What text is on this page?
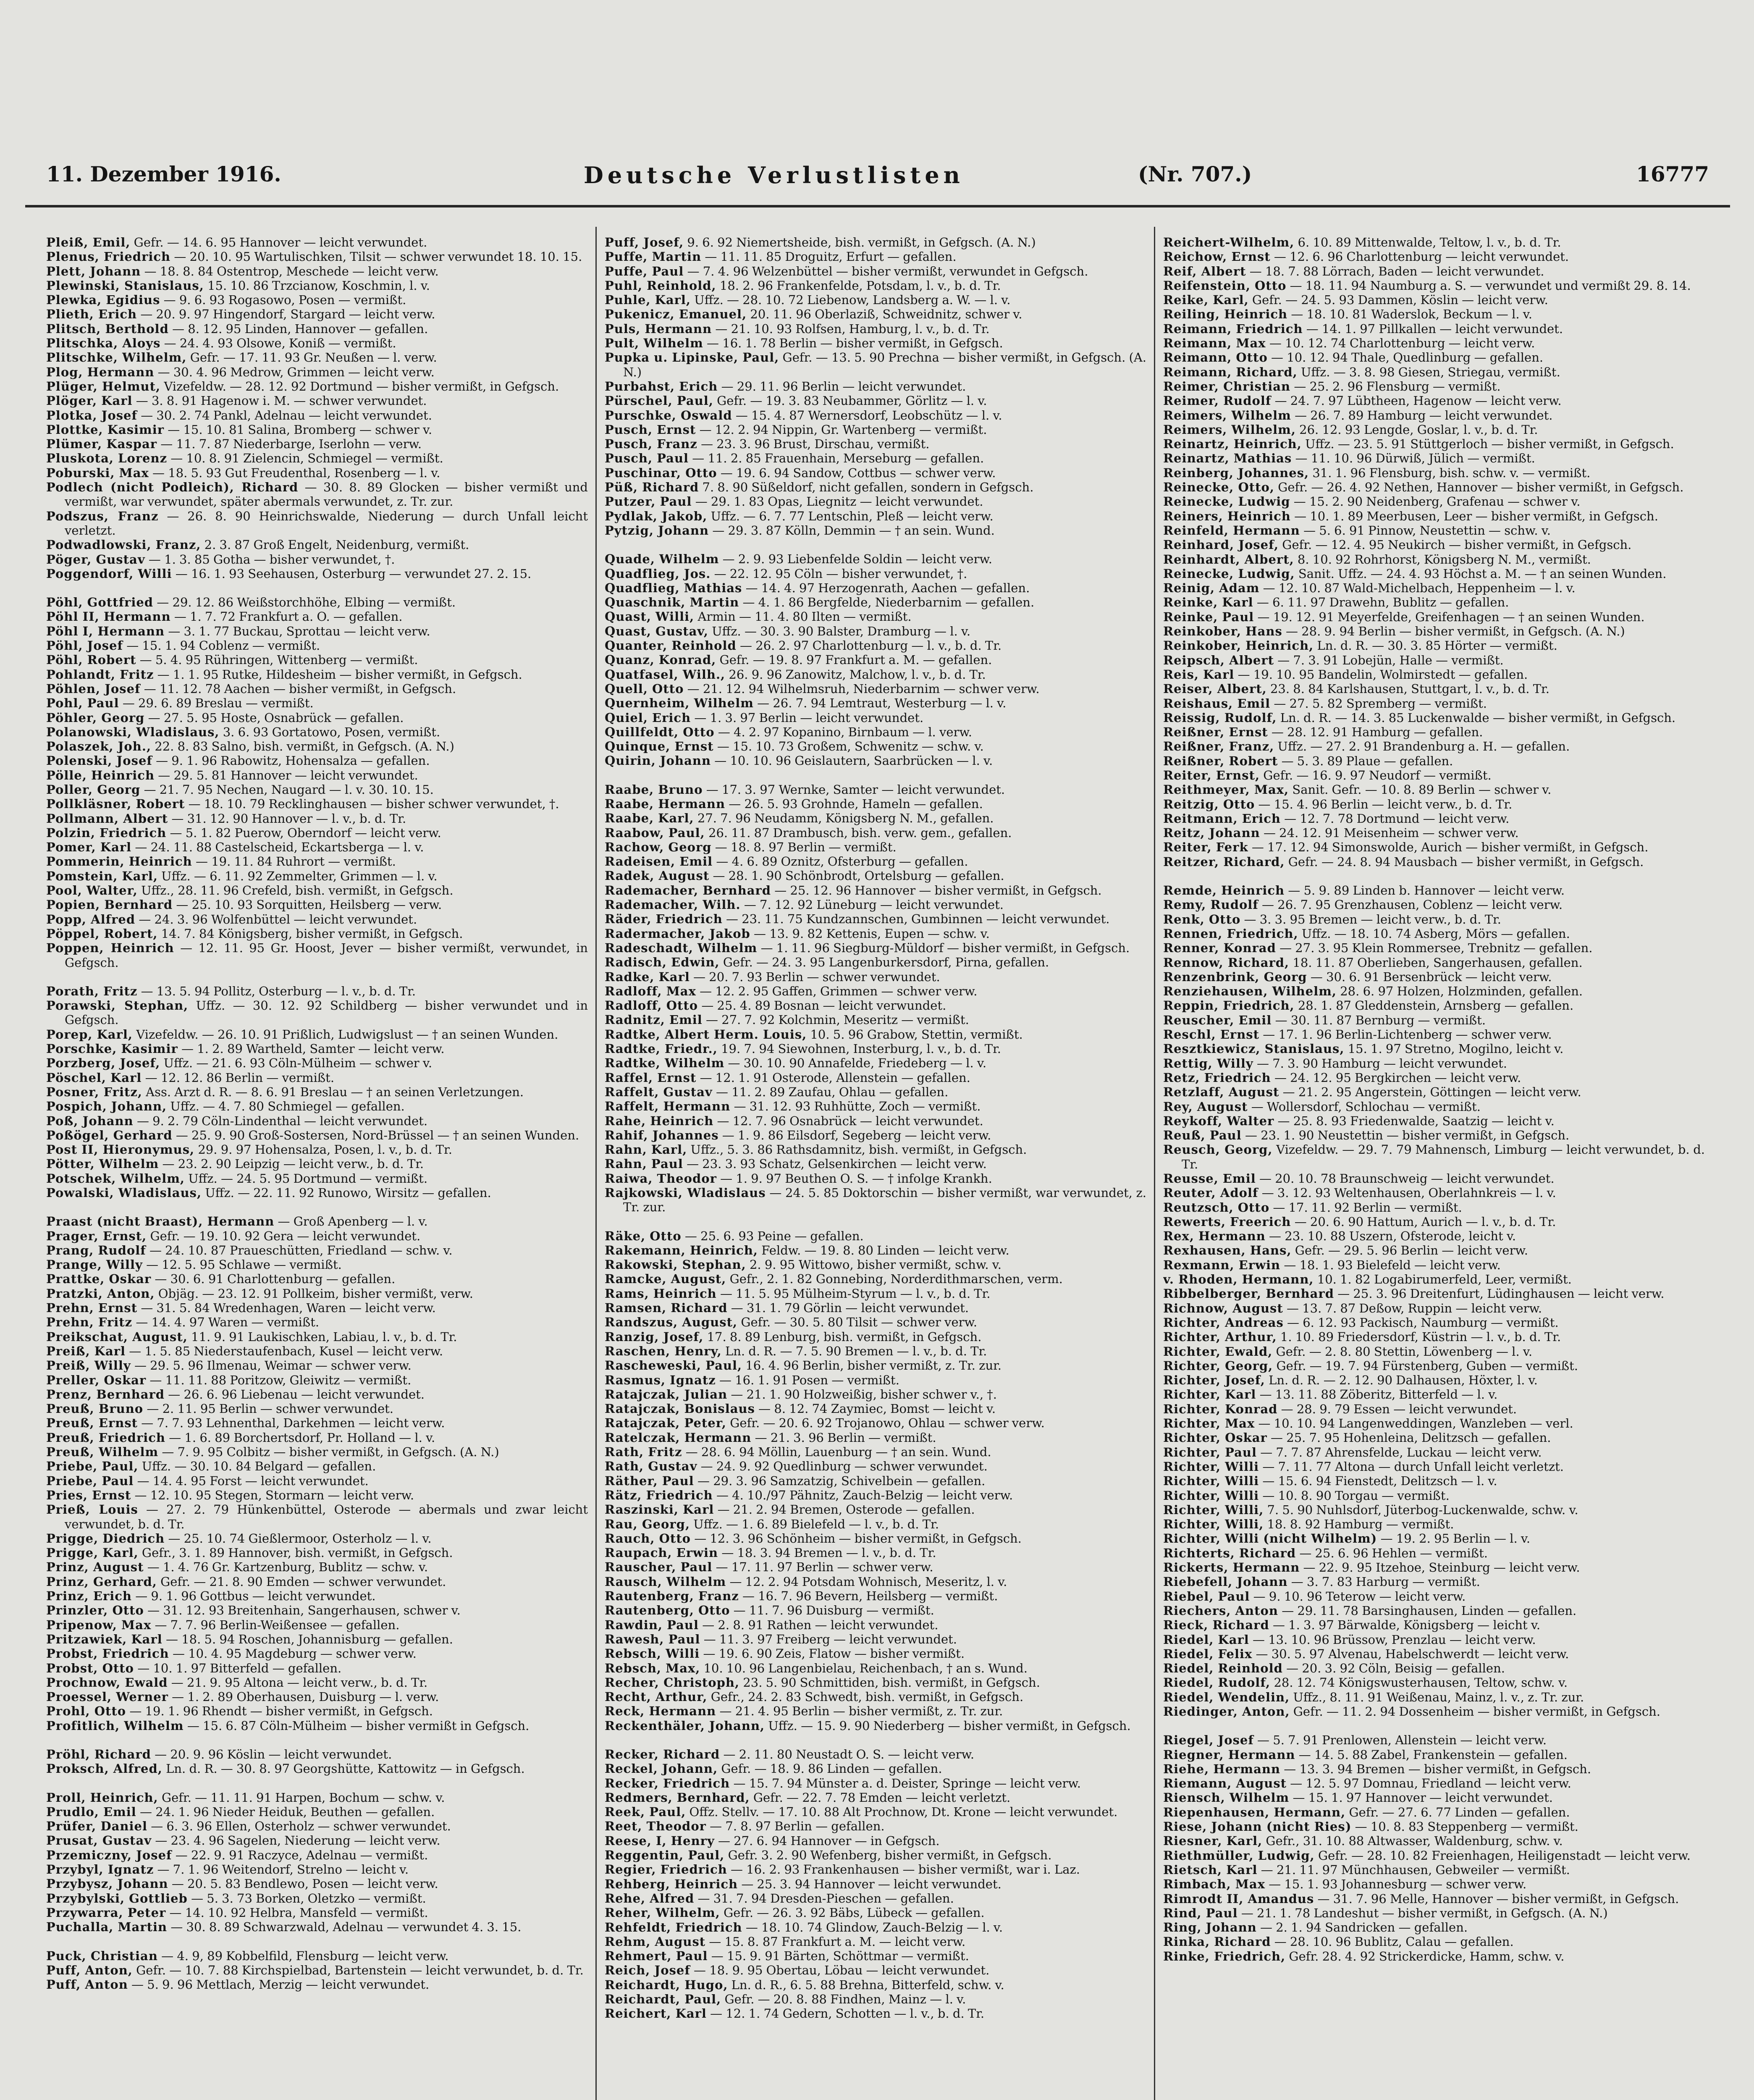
11. Dezember 1916.	Deutsche Verlustlisten	(Nr. 707.)	16777

Pleiß, Emil, Gefr. — 14. 6. 95 Hannover — leicht verwundet.

Plenus, Friedrich — 20. 10. 95 Wartulischken, Tilsit — schwer verwundet 18. 10. 15.

Plett, Johann — 18. 8. 84 Ostentrop, Meschede — leicht verw.

Plewinski, Stanislaus, 15. 10. 86 Trzcianow, Koschmin, l. v.

Plewka, Egidius — 9. 6. 93 Rogasowo, Posen — vermißt.

Plieth, Erich — 20. 9. 97 Hingendorf, Stargard — leicht verw.

Plitsch, Berthold — 8. 12. 95 Linden, Hannover — gefallen.

Plitschka, Aloys — 24. 4. 93 Olsowe, Koniß — vermißt.

Plitschke, Wilhelm, Gefr. — 17. 11. 93 Gr. Neußen — l. verw.

Plog, Hermann — 30. 4. 96 Medrow, Grimmen — leicht verw.

Plüger, Helmut, Vizefeldw. — 28. 12. 92 Dortmund — bisher vermißt, in Gefgsch.

Plöger, Karl — 3. 8. 91 Hagenow i. M. — schwer verwundet.

Plotka, Josef — 30. 2. 74 Pankl, Adelnau — leicht verwundet.

Plottke, Kasimir — 15. 10. 81 Salina, Bromberg — schwer v.

Plümer, Kaspar — 11. 7. 87 Niederbarge, Iserlohn — verw.

Pluskota, Lorenz — 10. 8. 91 Zielencin, Schmiegel — vermißt.

Poburski, Max — 18. 5. 93 Gut Freudenthal, Rosenberg — l. v.

Podlech (nicht Podleich), Richard — 30. 8. 89 Glocken — bisher vermißt und vermißt, war verwundet, später abermals verwundet, z. Tr. zur.

Podszus, Franz — 26. 8. 90 Heinrichswalde, Niederung — durch Unfall leicht verletzt.

Podwadlowski, Franz, 2. 3. 87 Groß Engelt, Neidenburg, vermißt.

Pöger, Gustav — 1. 3. 85 Gotha — bisher verwundet, †.

Poggendorf, Willi — 16. 1. 93 Seehausen, Osterburg — verwundet 27. 2. 15.

Pöhl, Gottfried — 29. 12. 86 Weißstorchhöhe, Elbing — vermißt.

Pöhl II, Hermann — 1. 7. 72 Frankfurt a. O. — gefallen.

Pöhl I, Hermann — 3. 1. 77 Buckau, Sprottau — leicht verw.

Pöhl, Josef — 15. 1. 94 Coblenz — vermißt.

Pöhl, Robert — 5. 4. 95 Rühringen, Wittenberg — vermißt.

Pohlandt, Fritz — 1. 1. 95 Rutke, Hildesheim — bisher vermißt, in Gefgsch.

Pöhlen, Josef — 11. 12. 78 Aachen — bisher vermißt, in Gefgsch.

Pohl, Paul — 29. 6. 89 Breslau — vermißt.

Pöhler, Georg — 27. 5. 95 Hoste, Osnabrück — gefallen.

Polanowski, Wladislaus, 3. 6. 93 Gortatowo, Posen, vermißt.

Polaszek, Joh., 22. 8. 83 Salno, bish. vermißt, in Gefgsch. (A. N.)

Polenski, Josef — 9. 1. 96 Rabowitz, Hohensalza — gefallen.

Pölle, Heinrich — 29. 5. 81 Hannover — leicht verwundet.

Poller, Georg — 21. 7. 95 Nechen, Naugard — l. v. 30. 10. 15.

Pollkläsner, Robert — 18. 10. 79 Recklinghausen — bisher schwer verwundet, †.

Pollmann, Albert — 31. 12. 90 Hannover — l. v., b. d. Tr.

Polzin, Friedrich — 5. 1. 82 Puerow, Oberndorf — leicht verw.

Pomer, Karl — 24. 11. 88 Castelscheid, Eckartsberga — l. v.

Pommerin, Heinrich — 19. 11. 84 Ruhrort — vermißt.

Pomstein, Karl, Uffz. — 6. 11. 92 Zemmelter, Grimmen — l. v.

Pool, Walter, Uffz., 28. 11. 96 Crefeld, bish. vermißt, in Gefgsch.

Popien, Bernhard — 25. 10. 93 Sorquitten, Heilsberg — verw.

Popp, Alfred — 24. 3. 96 Wolfenbüttel — leicht verwundet.

Pöppel, Robert, 14. 7. 84 Königsberg, bisher vermißt, in Gefgsch.

Poppen, Heinrich — 12. 11. 95 Gr. Hoost, Jever — bisher vermißt, verwundet, in Gefgsch.

Porath, Fritz — 13. 5. 94 Pollitz, Osterburg — l. v., b. d. Tr.

Porawski, Stephan, Uffz. — 30. 12. 92 Schildberg — bisher verwundet und in Gefgsch.

Porep, Karl, Vizefeldw. — 26. 10. 91 Prißlich, Ludwigslust — † an seinen Wunden.

Porschke, Kasimir — 1. 2. 89 Wartheld, Samter — leicht verw.

Porzberg, Josef, Uffz. — 21. 6. 93 Cöln-Mülheim — schwer v.

Pöschel, Karl — 12. 12. 86 Berlin — vermißt.

Posner, Fritz, Ass. Arzt d. R. — 8. 6. 91 Breslau — † an seinen Verletzungen.

Pospich, Johann, Uffz. — 4. 7. 80 Schmiegel — gefallen.

Poß, Johann — 9. 2. 79 Cöln-Lindenthal — leicht verwundet.

Poßögel, Gerhard — 25. 9. 90 Groß-Sostersen, Nord-Brüssel — † an seinen Wunden.

Post II, Hieronymus, 29. 9. 97 Hohensalza, Posen, l. v., b. d. Tr.

Pötter, Wilhelm — 23. 2. 90 Leipzig — leicht verw., b. d. Tr.

Potschek, Wilhelm, Uffz. — 24. 5. 95 Dortmund — vermißt.

Powalski, Wladislaus, Uffz. — 22. 11. 92 Runowo, Wirsitz — gefallen.

Praast (nicht Braast), Hermann — Groß Apenberg — l. v.

Prager, Ernst, Gefr. — 19. 10. 92 Gera — leicht verwundet.

Prang, Rudolf — 24. 10. 87 Praueschütten, Friedland — schw. v.

Prange, Willy — 12. 5. 95 Schlawe — vermißt.

Prattke, Oskar — 30. 6. 91 Charlottenburg — gefallen.

Pratzki, Anton, Objäg. — 23. 12. 91 Pollkeim, bisher vermißt, verw.

Prehn, Ernst — 31. 5. 84 Wredenhagen, Waren — leicht verw.

Prehn, Fritz — 14. 4. 97 Waren — vermißt.

Preikschat, August, 11. 9. 91 Laukischken, Labiau, l. v., b. d. Tr.

Preiß, Karl — 1. 5. 85 Niederstaufenbach, Kusel — leicht verw.

Preiß, Willy — 29. 5. 96 Ilmenau, Weimar — schwer verw.

Preller, Oskar — 11. 11. 88 Poritzow, Gleiwitz — vermißt.

Prenz, Bernhard — 26. 6. 96 Liebenau — leicht verwundet.

Preuß, Bruno — 2. 11. 95 Berlin — schwer verwundet.

Preuß, Ernst — 7. 7. 93 Lehnenthal, Darkehmen — leicht verw.

Preuß, Friedrich — 1. 6. 89 Borchertsdorf, Pr. Holland — l. v.

Preuß, Wilhelm — 7. 9. 95 Colbitz — bisher vermißt, in Gefgsch. (A. N.)

Priebe, Paul, Uffz. — 30. 10. 84 Belgard — gefallen.

Priebe, Paul — 14. 4. 95 Forst — leicht verwundet.

Pries, Ernst — 12. 10. 95 Stegen, Stormarn — leicht verw.

Prieß, Louis — 27. 2. 79 Hünkenbüttel, Osterode — abermals und zwar leicht verwundet, b. d. Tr.

Prigge, Diedrich — 25. 10. 74 Gießlermoor, Osterholz — l. v.

Prigge, Karl, Gefr., 3. 1. 89 Hannover, bish. vermißt, in Gefgsch.

Prinz, August — 1. 4. 76 Gr. Kartzenburg, Bublitz — schw. v.

Prinz, Gerhard, Gefr. — 21. 8. 90 Emden — schwer verwundet.

Prinz, Erich — 9. 1. 96 Gottbus — leicht verwundet.

Prinzler, Otto — 31. 12. 93 Breitenhain, Sangerhausen, schwer v.

Pripenow, Max — 7. 7. 96 Berlin-Weißensee — gefallen.

Pritzawiek, Karl — 18. 5. 94 Roschen, Johannisburg — gefallen.

Probst, Friedrich — 10. 4. 95 Magdeburg — schwer verw.

Probst, Otto — 10. 1. 97 Bitterfeld — gefallen.

Prochnow, Ewald — 21. 9. 95 Altona — leicht verw., b. d. Tr.

Proessel, Werner — 1. 2. 89 Oberhausen, Duisburg — l. verw.

Prohl, Otto — 19. 1. 96 Rhendt — bisher vermißt, in Gefgsch.

Profitlich, Wilhelm — 15. 6. 87 Cöln-Mülheim — bisher vermißt in Gefgsch.

Pröhl, Richard — 20. 9. 96 Köslin — leicht verwundet.

Proksch, Alfred, Ln. d. R. — 30. 8. 97 Georgshütte, Kattowitz — in Gefgsch.

Proll, Heinrich, Gefr. — 11. 11. 91 Harpen, Bochum — schw. v.

Prudlo, Emil — 24. 1. 96 Nieder Heiduk, Beuthen — gefallen.

Prüfer, Daniel — 6. 3. 96 Ellen, Osterholz — schwer verwundet.

Prusat, Gustav — 23. 4. 96 Sagelen, Niederung — leicht verw.

Przemiczny, Josef — 22. 9. 91 Raczyce, Adelnau — vermißt.

Przybyl, Ignatz — 7. 1. 96 Weitendorf, Strelno — leicht v.

Przybysz, Johann — 20. 5. 83 Bendlewo, Posen — leicht verw.

Przybylski, Gottlieb — 5. 3. 73 Borken, Oletzko — vermißt.

Przywarra, Peter — 14. 10. 92 Helbra, Mansfeld — vermißt.

Puchalla, Martin — 30. 8. 89 Schwarzwald, Adelnau — verwundet 4. 3. 15.

Puck, Christian — 4. 9, 89 Kobbelfild, Flensburg — leicht verw.

Puff, Anton, Gefr. — 10. 7. 88 Kirchspielbad, Bartenstein — leicht verwundet, b. d. Tr.

Puff, Anton — 5. 9. 96 Mettlach, Merzig — leicht verwundet.

Puff, Josef, 9. 6. 92 Niemertsheide, bish. vermißt, in Gefgsch. (A. N.)

Puffe, Martin — 11. 11. 85 Droguitz, Erfurt — gefallen.

Puffe, Paul — 7. 4. 96 Welzenbüttel — bisher vermißt, verwundet in Gefgsch.

Puhl, Reinhold, 18. 2. 96 Frankenfelde, Potsdam, l. v., b. d. Tr.

Puhle, Karl, Uffz. — 28. 10. 72 Liebenow, Landsberg a. W. — l. v.

Pukenicz, Emanuel, 20. 11. 96 Oberlaziß, Schweidnitz, schwer v.

Puls, Hermann — 21. 10. 93 Rolfsen, Hamburg, l. v., b. d. Tr.

Pult, Wilhelm — 16. 1. 78 Berlin — bisher vermißt, in Gefgsch.

Pupka u. Lipinske, Paul, Gefr. — 13. 5. 90 Prechna — bisher vermißt, in Gefgsch. (A. N.)

Purbahst, Erich — 29. 11. 96 Berlin — leicht verwundet.

Pürschel, Paul, Gefr. — 19. 3. 83 Neubammer, Görlitz — l. v.

Purschke, Oswald — 15. 4. 87 Wernersdorf, Leobschütz — l. v.

Pusch, Ernst — 12. 2. 94 Nippin, Gr. Wartenberg — vermißt.

Pusch, Franz — 23. 3. 96 Brust, Dirschau, vermißt.

Pusch, Paul — 11. 2. 85 Frauenhain, Merseburg — gefallen.

Puschinar, Otto — 19. 6. 94 Sandow, Cottbus — schwer verw.

Püß, Richard 7. 8. 90 Süßeldorf, nicht gefallen, sondern in Gefgsch.

Putzer, Paul — 29. 1. 83 Opas, Liegnitz — leicht verwundet.

Pydlak, Jakob, Uffz. — 6. 7. 77 Lentschin, Pleß — leicht verw.

Pytzig, Johann — 29. 3. 87 Kölln, Demmin — † an sein. Wund.

Quade, Wilhelm — 2. 9. 93 Liebenfelde Soldin — leicht verw.

Quadflieg, Jos. — 22. 12. 95 Cöln — bisher verwundet, †.

Quadflieg, Mathias — 14. 4. 97 Herzogenrath, Aachen — gefallen.

Quaschnik, Martin — 4. 1. 86 Bergfelde, Niederbarnim — gefallen.

Quast, Willi, Armin — 11. 4. 80 Ilten — vermißt.

Quast, Gustav, Uffz. — 30. 3. 90 Balster, Dramburg — l. v.

Quanter, Reinhold — 26. 2. 97 Charlottenburg — l. v., b. d. Tr.

Quanz, Konrad, Gefr. — 19. 8. 97 Frankfurt a. M. — gefallen.

Quatfasel, Wilh., 26. 9. 96 Zanowitz, Malchow, l. v., b. d. Tr.

Quell, Otto — 21. 12. 94 Wilhelmsruh, Niederbarnim — schwer verw.

Quernheim, Wilhelm — 26. 7. 94 Lemtraut, Westerburg — l. v.

Quiel, Erich — 1. 3. 97 Berlin — leicht verwundet.

Quillfeldt, Otto — 4. 2. 97 Kopanino, Birnbaum — l. verw.

Quinque, Ernst — 15. 10. 73 Großem, Schwenitz — schw. v.

Quirin, Johann — 10. 10. 96 Geislautern, Saarbrücken — l. v.

Raabe, Bruno — 17. 3. 97 Wernke, Samter — leicht verwundet.

Raabe, Hermann — 26. 5. 93 Grohnde, Hameln — gefallen.

Raabe, Karl, 27. 7. 96 Neudamm, Königsberg N. M., gefallen.

Raabow, Paul, 26. 11. 87 Drambusch, bish. verw. gem., gefallen.

Rachow, Georg — 18. 8. 97 Berlin — vermißt.

Radeisen, Emil — 4. 6. 89 Oznitz, Ofsterburg — gefallen.

Radek, August — 28. 1. 90 Schönbrodt, Ortelsburg — gefallen.

Rademacher, Bernhard — 25. 12. 96 Hannover — bisher vermißt, in Gefgsch.

Rademacher, Wilh. — 7. 12. 92 Lüneburg — leicht verwundet.

Räder, Friedrich — 23. 11. 75 Kundzannschen, Gumbinnen — leicht verwundet.

Radermacher, Jakob — 13. 9. 82 Kettenis, Eupen — schw. v.

Radeschadt, Wilhelm — 1. 11. 96 Siegburg-Müldorf — bisher vermißt, in Gefgsch.

Radisch, Edwin, Gefr. — 24. 3. 95 Langenburkersdorf, Pirna, gefallen.

Radke, Karl — 20. 7. 93 Berlin — schwer verwundet.

Radloff, Max — 12. 2. 95 Gaffen, Grimmen — schwer verw.

Radloff, Otto — 25. 4. 89 Bosnan — leicht verwundet.

Radnitz, Emil — 27. 7. 92 Kolchmin, Meseritz — vermißt.

Radtke, Albert Herm. Louis, 10. 5. 96 Grabow, Stettin, vermißt.

Radtke, Friedr., 19. 7. 94 Siewohnen, Insterburg, l. v., b. d. Tr.

Radtke, Wilhelm — 30. 10. 90 Annafelde, Friedeberg — l. v.

Raffel, Ernst — 12. 1. 91 Osterode, Allenstein — gefallen.

Raffelt, Gustav — 11. 2. 89 Zaufau, Ohlau — gefallen.

Raffelt, Hermann — 31. 12. 93 Ruhhütte, Zoch — vermißt.

Rahe, Heinrich — 12. 7. 96 Osnabrück — leicht verwundet.

Rahif, Johannes — 1. 9. 86 Eilsdorf, Segeberg — leicht verw.

Rahn, Karl, Uffz., 5. 3. 86 Rathsdamnitz, bish. vermißt, in Gefgsch.

Rahn, Paul — 23. 3. 93 Schatz, Gelsenkirchen — leicht verw.

Raiwa, Theodor — 1. 9. 97 Beuthen O. S. — † infolge Krankh.

Rajkowski, Wladislaus — 24. 5. 85 Doktorschin — bisher vermißt, war verwundet, z. Tr. zur.

Räke, Otto — 25. 6. 93 Peine — gefallen.

Rakemann, Heinrich, Feldw. — 19. 8. 80 Linden — leicht verw.

Rakowski, Stephan, 2. 9. 95 Wittowo, bisher vermißt, schw. v.

Ramcke, August, Gefr., 2. 1. 82 Gonnebing, Norderdithmarschen, verm.

Rams, Heinrich — 11. 5. 95 Mülheim-Styrum — l. v., b. d. Tr.

Ramsen, Richard — 31. 1. 79 Görlin — leicht verwundet.

Randszus, August, Gefr. — 30. 5. 80 Tilsit — schwer verw.

Ranzig, Josef, 17. 8. 89 Lenburg, bish. vermißt, in Gefgsch.

Raschen, Henry, Ln. d. R. — 7. 5. 90 Bremen — l. v., b. d. Tr.

Rascheweski, Paul, 16. 4. 96 Berlin, bisher vermißt, z. Tr. zur.

Rasmus, Ignatz — 16. 1. 91 Posen — vermißt.

Ratajczak, Julian — 21. 1. 90 Holzweißig, bisher schwer v., †.

Ratajczak, Bonislaus — 8. 12. 74 Zaymiec, Bomst — leicht v.

Ratajczak, Peter, Gefr. — 20. 6. 92 Trojanowo, Ohlau — schwer verw.

Ratelczak, Hermann — 21. 3. 96 Berlin — vermißt.

Rath, Fritz — 28. 6. 94 Möllin, Lauenburg — † an sein. Wund.

Rath, Gustav — 24. 9. 92 Quedlinburg — schwer verwundet.

Räther, Paul — 29. 3. 96 Samzatzig, Schivelbein — gefallen.

Rätz, Friedrich — 4. 10./97 Pähnitz, Zauch-Belzig — leicht verw.

Raszinski, Karl — 21. 2. 94 Bremen, Osterode — gefallen.

Rau, Georg, Uffz. — 1. 6. 89 Bielefeld — l. v., b. d. Tr.

Rauch, Otto — 12. 3. 96 Schönheim — bisher vermißt, in Gefgsch.

Raupach, Erwin — 18. 3. 94 Bremen — l. v., b. d. Tr.

Rauscher, Paul — 17. 11. 97 Berlin — schwer verw.

Rausch, Wilhelm — 12. 2. 94 Potsdam Wohnisch, Meseritz, l. v.

Rautenberg, Franz — 16. 7. 96 Bevern, Heilsberg — vermißt.

Rautenberg, Otto — 11. 7. 96 Duisburg — vermißt.

Rawdin, Paul — 2. 8. 91 Rathen — leicht verwundet.

Rawesh, Paul — 11. 3. 97 Freiberg — leicht verwundet.

Rebsch, Willi — 19. 6. 90 Zeis, Flatow — bisher vermißt.

Rebsch, Max, 10. 10. 96 Langenbielau, Reichenbach, † an s. Wund.

Recher, Christoph, 23. 5. 90 Schmittiden, bish. vermißt, in Gefgsch.

Recht, Arthur, Gefr., 24. 2. 83 Schwedt, bish. vermißt, in Gefgsch.

Reck, Hermann — 21. 4. 95 Berlin — bisher vermißt, z. Tr. zur.

Reckenthäler, Johann, Uffz. — 15. 9. 90 Niederberg — bisher vermißt, in Gefgsch.

Recker, Richard — 2. 11. 80 Neustadt O. S. — leicht verw.

Reckel, Johann, Gefr. — 18. 9. 86 Linden — gefallen.

Recker, Friedrich — 15. 7. 94 Münster a. d. Deister, Springe — leicht verw.

Redmers, Bernhard, Gefr. — 22. 7. 78 Emden — leicht verletzt.

Reek, Paul, Offz. Stellv. — 17. 10. 88 Alt Prochnow, Dt. Krone — leicht verwundet.

Reet, Theodor — 7. 8. 97 Berlin — gefallen.

Reese, I, Henry — 27. 6. 94 Hannover — in Gefgsch.

Reggentin, Paul, Gefr. 3. 2. 90 Wefenberg, bisher vermißt, in Gefgsch.

Regier, Friedrich — 16. 2. 93 Frankenhausen — bisher vermißt, war i. Laz.

Rehberg, Heinrich — 25. 3. 94 Hannover — leicht verwundet.

Rehe, Alfred — 31. 7. 94 Dresden-Pieschen — gefallen.

Reher, Wilhelm, Gefr. — 26. 3. 92 Bäbs, Lübeck — gefallen.

Rehfeldt, Friedrich — 18. 10. 74 Glindow, Zauch-Belzig — l. v.

Rehm, August — 15. 8. 87 Frankfurt a. M. — leicht verw.

Rehmert, Paul — 15. 9. 91 Bärten, Schöttmar — vermißt.

Reich, Josef — 18. 9. 95 Obertau, Löbau — leicht verwundet.

Reichardt, Hugo, Ln. d. R., 6. 5. 88 Brehna, Bitterfeld, schw. v.

Reichardt, Paul, Gefr. — 20. 8. 88 Findhen, Mainz — l. v.

Reichert, Karl — 12. 1. 74 Gedern, Schotten — l. v., b. d. Tr.

Reichert-Wilhelm, 6. 10. 89 Mittenwalde, Teltow, l. v., b. d. Tr.

Reichow, Ernst — 12. 6. 96 Charlottenburg — leicht verwundet.

Reif, Albert — 18. 7. 88 Lörrach, Baden — leicht verwundet.

Reifenstein, Otto — 18. 11. 94 Naumburg a. S. — verwundet und vermißt 29. 8. 14.

Reike, Karl, Gefr. — 24. 5. 93 Dammen, Köslin — leicht verw.

Reiling, Heinrich — 18. 10. 81 Waderslok, Beckum — l. v.

Reimann, Friedrich — 14. 1. 97 Pillkallen — leicht verwundet.

Reimann, Max — 10. 12. 74 Charlottenburg — leicht verw.

Reimann, Otto — 10. 12. 94 Thale, Quedlinburg — gefallen.

Reimann, Richard, Uffz. — 3. 8. 98 Giesen, Striegau, vermißt.

Reimer, Christian — 25. 2. 96 Flensburg — vermißt.

Reimer, Rudolf — 24. 7. 97 Lübtheen, Hagenow — leicht verw.

Reimers, Wilhelm — 26. 7. 89 Hamburg — leicht verwundet.

Reimers, Wilhelm, 26. 12. 93 Lengde, Goslar, l. v., b. d. Tr.

Reinartz, Heinrich, Uffz. — 23. 5. 91 Stüttgerloch — bisher vermißt, in Gefgsch.

Reinartz, Mathias — 11. 10. 96 Dürwiß, Jülich — vermißt.

Reinberg, Johannes, 31. 1. 96 Flensburg, bish. schw. v. — vermißt.

Reinecke, Otto, Gefr. — 26. 4. 92 Nethen, Hannover — bisher vermißt, in Gefgsch.

Reinecke, Ludwig — 15. 2. 90 Neidenberg, Grafenau — schwer v.

Reiners, Heinrich — 10. 1. 89 Meerbusen, Leer — bisher vermißt, in Gefgsch.

Reinfeld, Hermann — 5. 6. 91 Pinnow, Neustettin — schw. v.

Reinhard, Josef, Gefr. — 12. 4. 95 Neukirch — bisher vermißt, in Gefgsch.

Reinhardt, Albert, 8. 10. 92 Rohrhorst, Königsberg N. M., vermißt.

Reinecke, Ludwig, Sanit. Uffz. — 24. 4. 93 Höchst a. M. — † an seinen Wunden.

Reinig, Adam — 12. 10. 87 Wald-Michelbach, Heppenheim — l. v.

Reinke, Karl — 6. 11. 97 Drawehn, Bublitz — gefallen.

Reinke, Paul — 19. 12. 91 Meyerfelde, Greifenhagen — † an seinen Wunden.

Reinkober, Hans — 28. 9. 94 Berlin — bisher vermißt, in Gefgsch. (A. N.)

Reinkober, Heinrich, Ln. d. R. — 30. 3. 85 Hörter — vermißt.

Reipsch, Albert — 7. 3. 91 Lobejün, Halle — vermißt.

Reis, Karl — 19. 10. 95 Bandelin, Wolmirstedt — gefallen.

Reiser, Albert, 23. 8. 84 Karlshausen, Stuttgart, l. v., b. d. Tr.

Reishaus, Emil — 27. 5. 82 Spremberg — vermißt.

Reissig, Rudolf, Ln. d. R. — 14. 3. 85 Luckenwalde — bisher vermißt, in Gefgsch.

Reißner, Ernst — 28. 12. 91 Hamburg — gefallen.

Reißner, Franz, Uffz. — 27. 2. 91 Brandenburg a. H. — gefallen.

Reißner, Robert — 5. 3. 89 Plaue — gefallen.

Reiter, Ernst, Gefr. — 16. 9. 97 Neudorf — vermißt.

Reithmeyer, Max, Sanit. Gefr. — 10. 8. 89 Berlin — schwer v.

Reitzig, Otto — 15. 4. 96 Berlin — leicht verw., b. d. Tr.

Reitmann, Erich — 12. 7. 78 Dortmund — leicht verw.

Reitz, Johann — 24. 12. 91 Meisenheim — schwer verw.

Reiter, Ferk — 17. 12. 94 Simonswolde, Aurich — bisher vermißt, in Gefgsch.

Reitzer, Richard, Gefr. — 24. 8. 94 Mausbach — bisher vermißt, in Gefgsch.

Remde, Heinrich — 5. 9. 89 Linden b. Hannover — leicht verw.

Remy, Rudolf — 26. 7. 95 Grenzhausen, Coblenz — leicht verw.

Renk, Otto — 3. 3. 95 Bremen — leicht verw., b. d. Tr.

Rennen, Friedrich, Uffz. — 18. 10. 74 Asberg, Mörs — gefallen.

Renner, Konrad — 27. 3. 95 Klein Rommersee, Trebnitz — gefallen.

Rennow, Richard, 18. 11. 87 Oberlieben, Sangerhausen, gefallen.

Renzenbrink, Georg — 30. 6. 91 Bersenbrück — leicht verw.

Renziehausen, Wilhelm, 28. 6. 97 Holzen, Holzminden, gefallen.

Reppin, Friedrich, 28. 1. 87 Gleddenstein, Arnsberg — gefallen.

Reuscher, Emil — 30. 11. 87 Bernburg — vermißt.

Reschl, Ernst — 17. 1. 96 Berlin-Lichtenberg — schwer verw.

Resztkiewicz, Stanislaus, 15. 1. 97 Stretno, Mogilno, leicht v.

Rettig, Willy — 7. 3. 90 Hamburg — leicht verwundet.

Retz, Friedrich — 24. 12. 95 Bergkirchen — leicht verw.

Retzlaff, August — 21. 2. 95 Angerstein, Göttingen — leicht verw.

Rey, August — Wollersdorf, Schlochau — vermißt.

Reykoff, Walter — 25. 8. 93 Friedenwalde, Saatzig — leicht v.

Reuß, Paul — 23. 1. 90 Neustettin — bisher vermißt, in Gefgsch.

Reusch, Georg, Vizefeldw. — 29. 7. 79 Mahnensch, Limburg — leicht verwundet, b. d. Tr.

Reusse, Emil — 20. 10. 78 Braunschweig — leicht verwundet.

Reuter, Adolf — 3. 12. 93 Weltenhausen, Oberlahnkreis — l. v.

Reutzsch, Otto — 17. 11. 92 Berlin — vermißt.

Rewerts, Freerich — 20. 6. 90 Hattum, Aurich — l. v., b. d. Tr.

Rex, Hermann — 23. 10. 88 Uszern, Ofsterode, leicht v.

Rexhausen, Hans, Gefr. — 29. 5. 96 Berlin — leicht verw.

Rexmann, Erwin — 18. 1. 93 Bielefeld — leicht verw.

v. Rhoden, Hermann, 10. 1. 82 Logabirumerfeld, Leer, vermißt.

Ribbelberger, Bernhard — 25. 3. 96 Dreitenfurt, Lüdinghausen — leicht verw.

Richnow, August — 13. 7. 87 Deßow, Ruppin — leicht verw.

Richter, Andreas — 6. 12. 93 Packisch, Naumburg — vermißt.

Richter, Arthur, 1. 10. 89 Friedersdorf, Küstrin — l. v., b. d. Tr.

Richter, Ewald, Gefr. — 2. 8. 80 Stettin, Löwenberg — l. v.

Richter, Georg, Gefr. — 19. 7. 94 Fürstenberg, Guben — vermißt.

Richter, Josef, Ln. d. R. — 2. 12. 90 Dalhausen, Höxter, l. v.

Richter, Karl — 13. 11. 88 Zöberitz, Bitterfeld — l. v.

Richter, Konrad — 28. 9. 79 Essen — leicht verwundet.

Richter, Max — 10. 10. 94 Langenweddingen, Wanzleben — verl.

Richter, Oskar — 25. 7. 95 Hohenleina, Delitzsch — gefallen.

Richter, Paul — 7. 7. 87 Ahrensfelde, Luckau — leicht verw.

Richter, Willi — 7. 11. 77 Altona — durch Unfall leicht verletzt.

Richter, Willi — 15. 6. 94 Fienstedt, Delitzsch — l. v.

Richter, Willi — 10. 8. 90 Torgau — vermißt.

Richter, Willi, 7. 5. 90 Nuhlsdorf, Jüterbog-Luckenwalde, schw. v.

Richter, Willi, 18. 8. 92 Hamburg — vermißt.

Richter, Willi (nicht Wilhelm) — 19. 2. 95 Berlin — l. v.

Richterts, Richard — 25. 6. 96 Hehlen — vermißt.

Rickerts, Hermann — 22. 9. 95 Itzehoe, Steinburg — leicht verw.

Riebefell, Johann — 3. 7. 83 Harburg — vermißt.

Riebel, Paul — 9. 10. 96 Teterow — leicht verw.

Riechers, Anton — 29. 11. 78 Barsinghausen, Linden — gefallen.

Rieck, Richard — 1. 3. 97 Bärwalde, Königsberg — leicht v.

Riedel, Karl — 13. 10. 96 Brüssow, Prenzlau — leicht verw.

Riedel, Felix — 30. 5. 97 Alvenau, Habelschwerdt — leicht verw.

Riedel, Reinhold — 20. 3. 92 Cöln, Beisig — gefallen.

Riedel, Rudolf, 28. 12. 74 Königswusterhausen, Teltow, schw. v.

Riedel, Wendelin, Uffz., 8. 11. 91 Weißenau, Mainz, l. v., z. Tr. zur.

Riedinger, Anton, Gefr. — 11. 2. 94 Dossenheim — bisher vermißt, in Gefgsch.

Riegel, Josef — 5. 7. 91 Prenlowen, Allenstein — leicht verw.

Riegner, Hermann — 14. 5. 88 Zabel, Frankenstein — gefallen.

Riehe, Hermann — 13. 3. 94 Bremen — bisher vermißt, in Gefgsch.

Riemann, August — 12. 5. 97 Domnau, Friedland — leicht verw.

Riensch, Wilhelm — 15. 1. 97 Hannover — leicht verwundet.

Riepenhausen, Hermann, Gefr. — 27. 6. 77 Linden — gefallen.

Riese, Johann (nicht Ries) — 10. 8. 83 Steppenberg — vermißt.

Riesner, Karl, Gefr., 31. 10. 88 Altwasser, Waldenburg, schw. v.

Riethmüller, Ludwig, Gefr. — 28. 10. 82 Freienhagen, Heiligenstadt — leicht verw.

Rietsch, Karl — 21. 11. 97 Münchhausen, Gebweiler — vermißt.

Rimbach, Max — 15. 1. 93 Johannesburg — schwer verw.

Rimrodt II, Amandus — 31. 7. 96 Melle, Hannover — bisher vermißt, in Gefgsch.

Rind, Paul — 21. 1. 78 Landeshut — bisher vermißt, in Gefgsch. (A. N.)

Ring, Johann — 2. 1. 94 Sandricken — gefallen.

Rinka, Richard — 28. 10. 96 Bublitz, Calau — gefallen.

Rinke, Friedrich, Gefr. 28. 4. 92 Strickerdicke, Hamm, schw. v.
